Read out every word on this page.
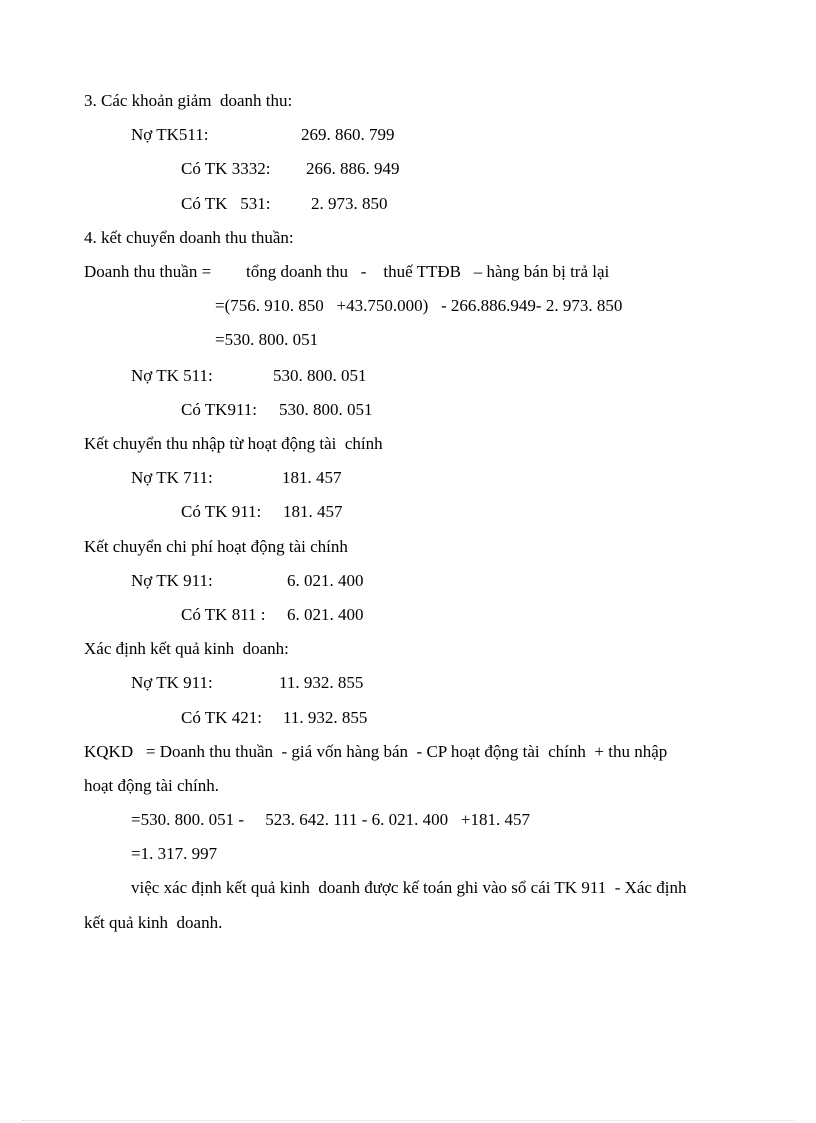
3. Các khoản giảm  doanh thu:
Nợ TK511:	269. 860. 799
Có TK 3332: 266. 886. 949
Có TK   531: 2. 973. 850
4. kết chuyển doanh thu thuần:
Doanh thu thuần = tổng doanh thu   -    thuế TTĐB   – hàng bán bị trả lại
=(756. 910. 850   +43.750.000)   - 266.886.949- 2. 973. 850
=530. 800. 051
Nợ TK 511:	530. 800. 051
Có TK911: 530. 800. 051
Kết chuyển thu nhập từ hoạt động tài  chính
Nợ TK 711:	181. 457
Có TK 911: 181. 457
Kết chuyển chi phí hoạt động tài chính
Nợ TK 911:	6. 021. 400
Có TK 811 : 6. 021. 400
Xác định kết quả kinh  doanh:
Nợ TK 911:	11. 932. 855
Có TK 421: 11. 932. 855
KQKD   = Doanh thu thuần  - giá vốn hàng bán  - CP hoạt động tài  chính  + thu nhập
hoạt động tài chính.
=530. 800. 051 -     523. 642. 111 - 6. 021. 400   +181. 457
=1. 317. 997
việc xác định kết quả kinh  doanh được kế toán ghi vào sổ cái TK 911  - Xác định
kết quả kinh  doanh.
